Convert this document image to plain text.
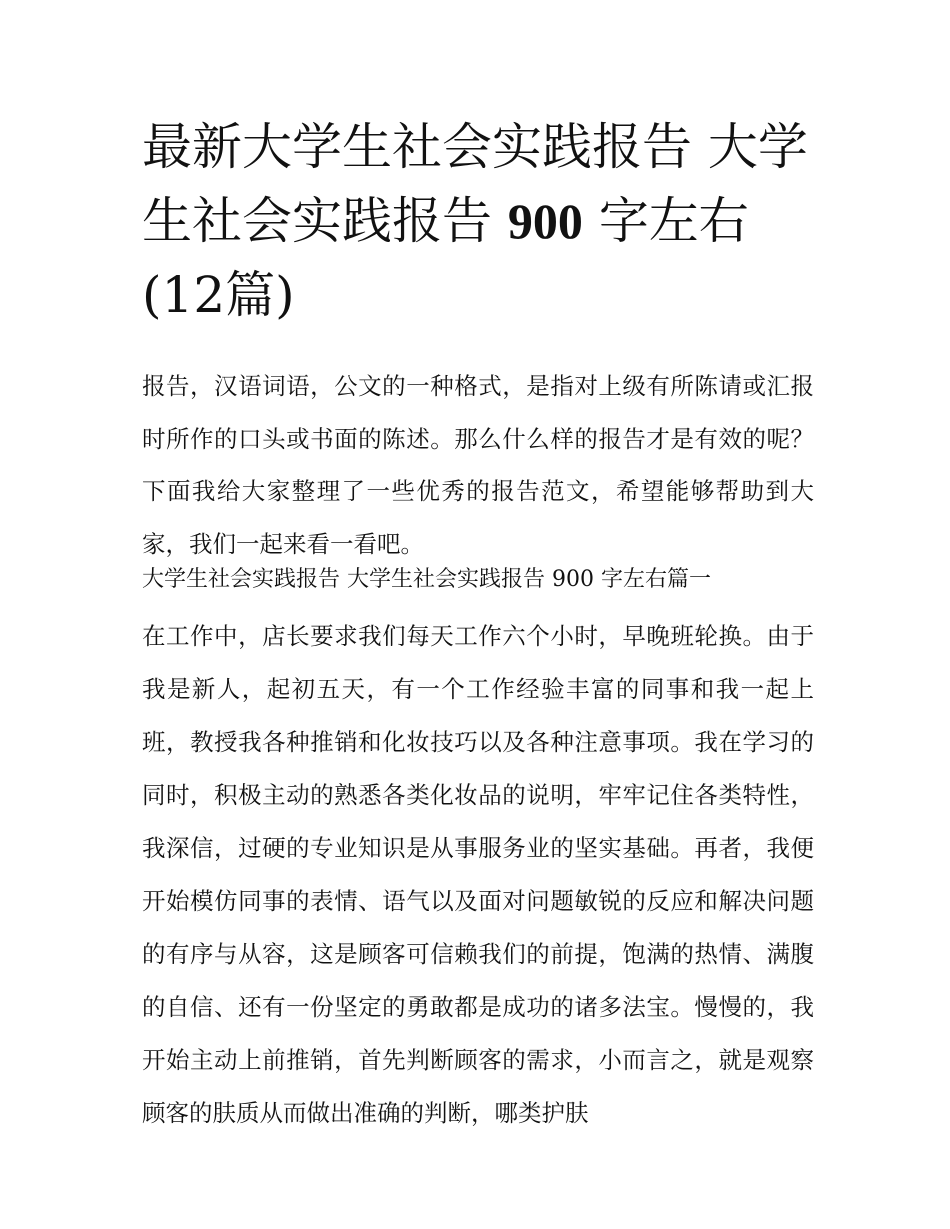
最新大学生社会实践报告 大学生社会实践报告 900 字左右(12篇)

报告，汉语词语，公文的一种格式，是指对上级有所陈请或汇报时所作的口头或书面的陈述。那么什么样的报告才是有效的呢？下面我给大家整理了一些优秀的报告范文，希望能够帮助到大家，我们一起来看一看吧。

大学生社会实践报告 大学生社会实践报告 900 字左右篇一

在工作中，店长要求我们每天工作六个小时，早晚班轮换。由于我是新人，起初五天，有一个工作经验丰富的同事和我一起上班，教授我各种推销和化妆技巧以及各种注意事项。我在学习的同时，积极主动的熟悉各类化妆品的说明，牢牢记住各类特性，我深信，过硬的专业知识是从事服务业的坚实基础。再者，我便开始模仿同事的表情、语气以及面对问题敏锐的反应和解决问题的有序与从容，这是顾客可信赖我们的前提，饱满的热情、满腹的自信、还有一份坚定的勇敢都是成功的诸多法宝。慢慢的，我开始主动上前推销，首先判断顾客的需求，小而言之，就是观察顾客的肤质从而做出准确的判断，哪类护肤
